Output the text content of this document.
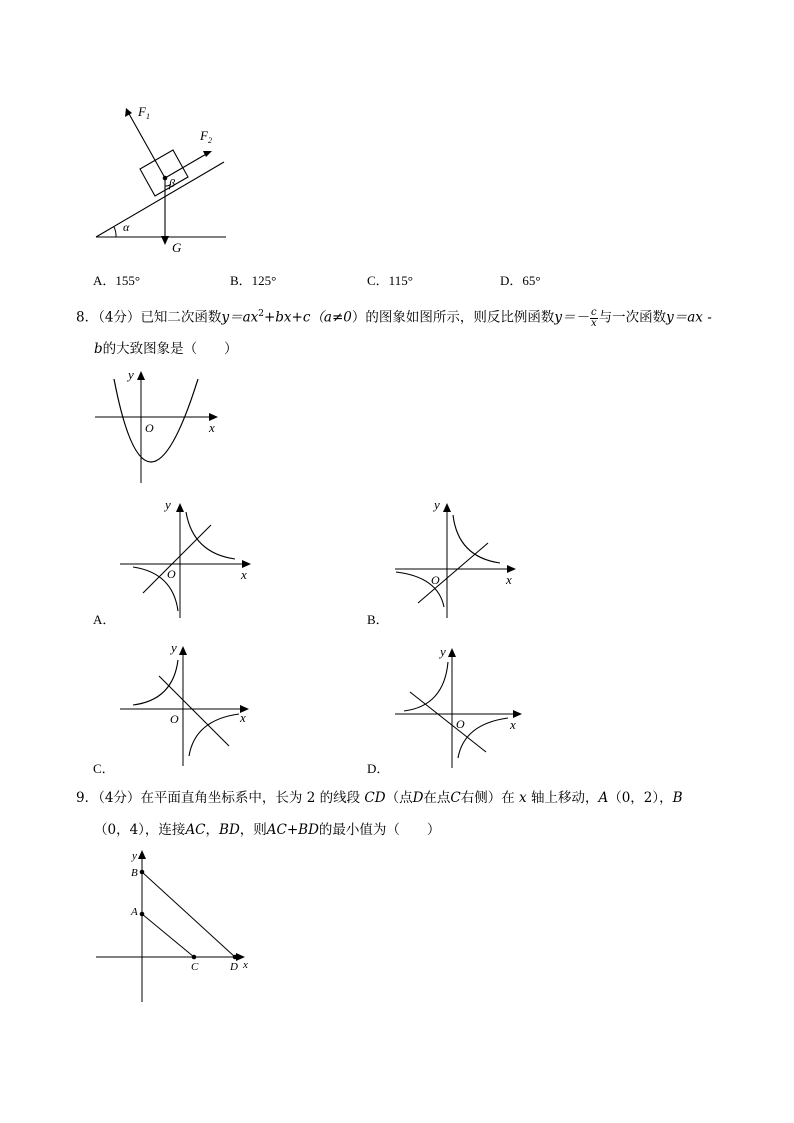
$F_1$
$F_2$
β
α
G
A．155°	B．125°	C．115°	D．65°
8．（4分）已知二次函数$y=ax^2+bx+c(a\ne 0)$的图象如图所示，则反比例函数$y=- \frac{c}{x}$ 与一次函数y＝ax -
b的大致图象是（　　）
y
x
O
y
x
O
A．
y
x
O
B．
y
x
O
C．
y
x
O
D．
9．（4分）在平面直角坐标系中，长为 2 的线段 CD（点D在点C右侧）在 x 轴上移动，A（0，2），B
（0，4），连接AC，BD，则AC+BD的最小值为（　　）
y
B
A
C	D x
